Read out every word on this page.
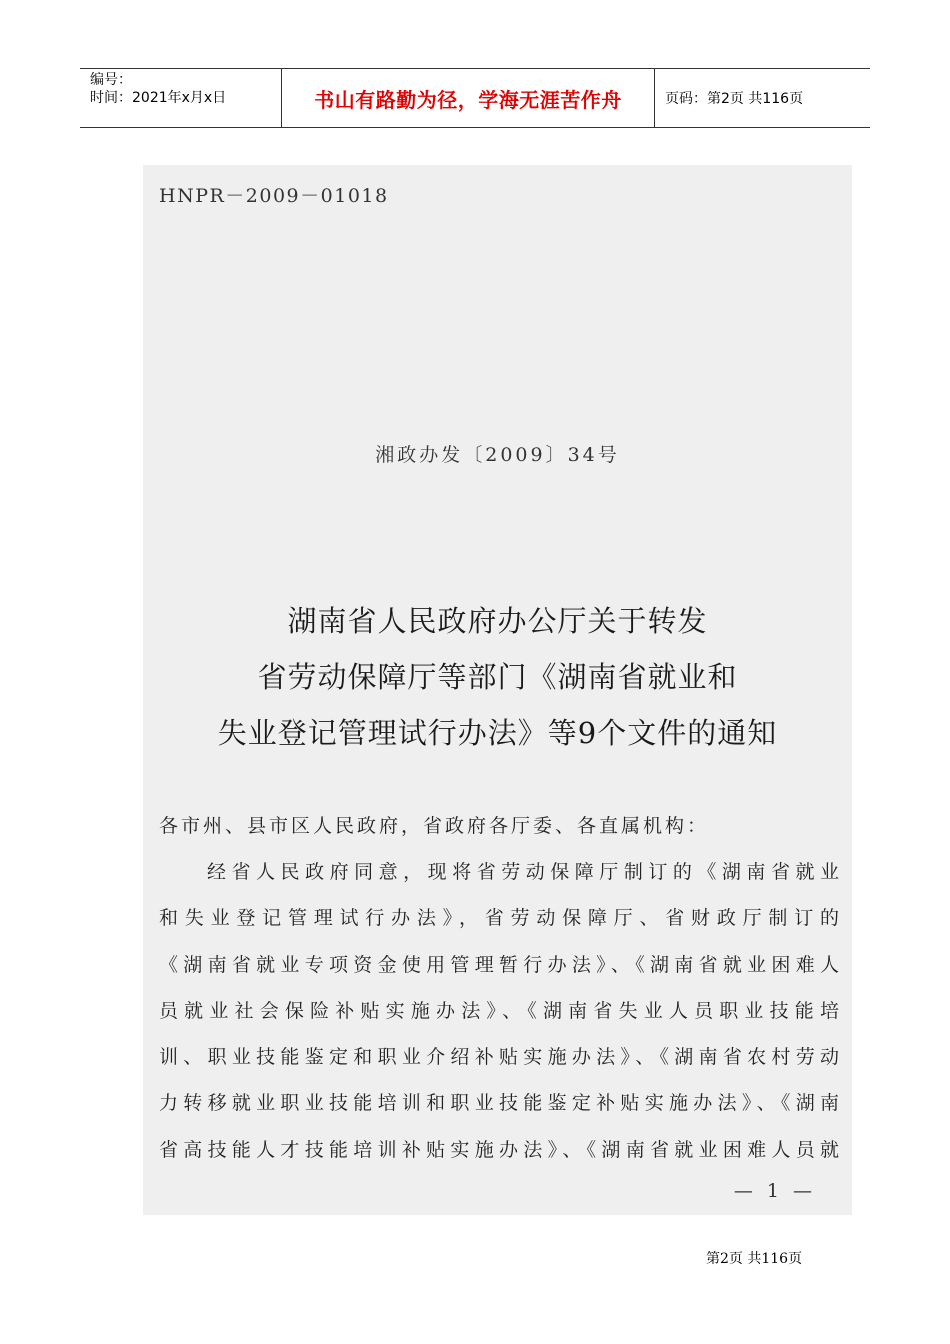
编号：
时间：2021年x月x日	书山有路勤为径，学海无涯苦作舟	页码：第2页 共116页
HNPR－2009－01018
湘政办发〔2009〕34号
湖南省人民政府办公厅关于转发
省劳动保障厅等部门《湖南省就业和
失业登记管理试行办法》等9个文件的通知
各市州、县市区人民政府，省政府各厅委、各直属机构：
经省人民政府同意，现将省劳动保障厅制订的《湖南省就业
和失业登记管理试行办法》，省劳动保障厅、省财政厅制订的
《湖南省就业专项资金使用管理暂行办法》、《湖南省就业困难人
员就业社会保险补贴实施办法》、《湖南省失业人员职业技能培
训、职业技能鉴定和职业介绍补贴实施办法》、《湖南省农村劳动
力转移就业职业技能培训和职业技能鉴定补贴实施办法》、《湖南
省高技能人才技能培训补贴实施办法》、《湖南省就业困难人员就
— 1 —
第2页 共116页
